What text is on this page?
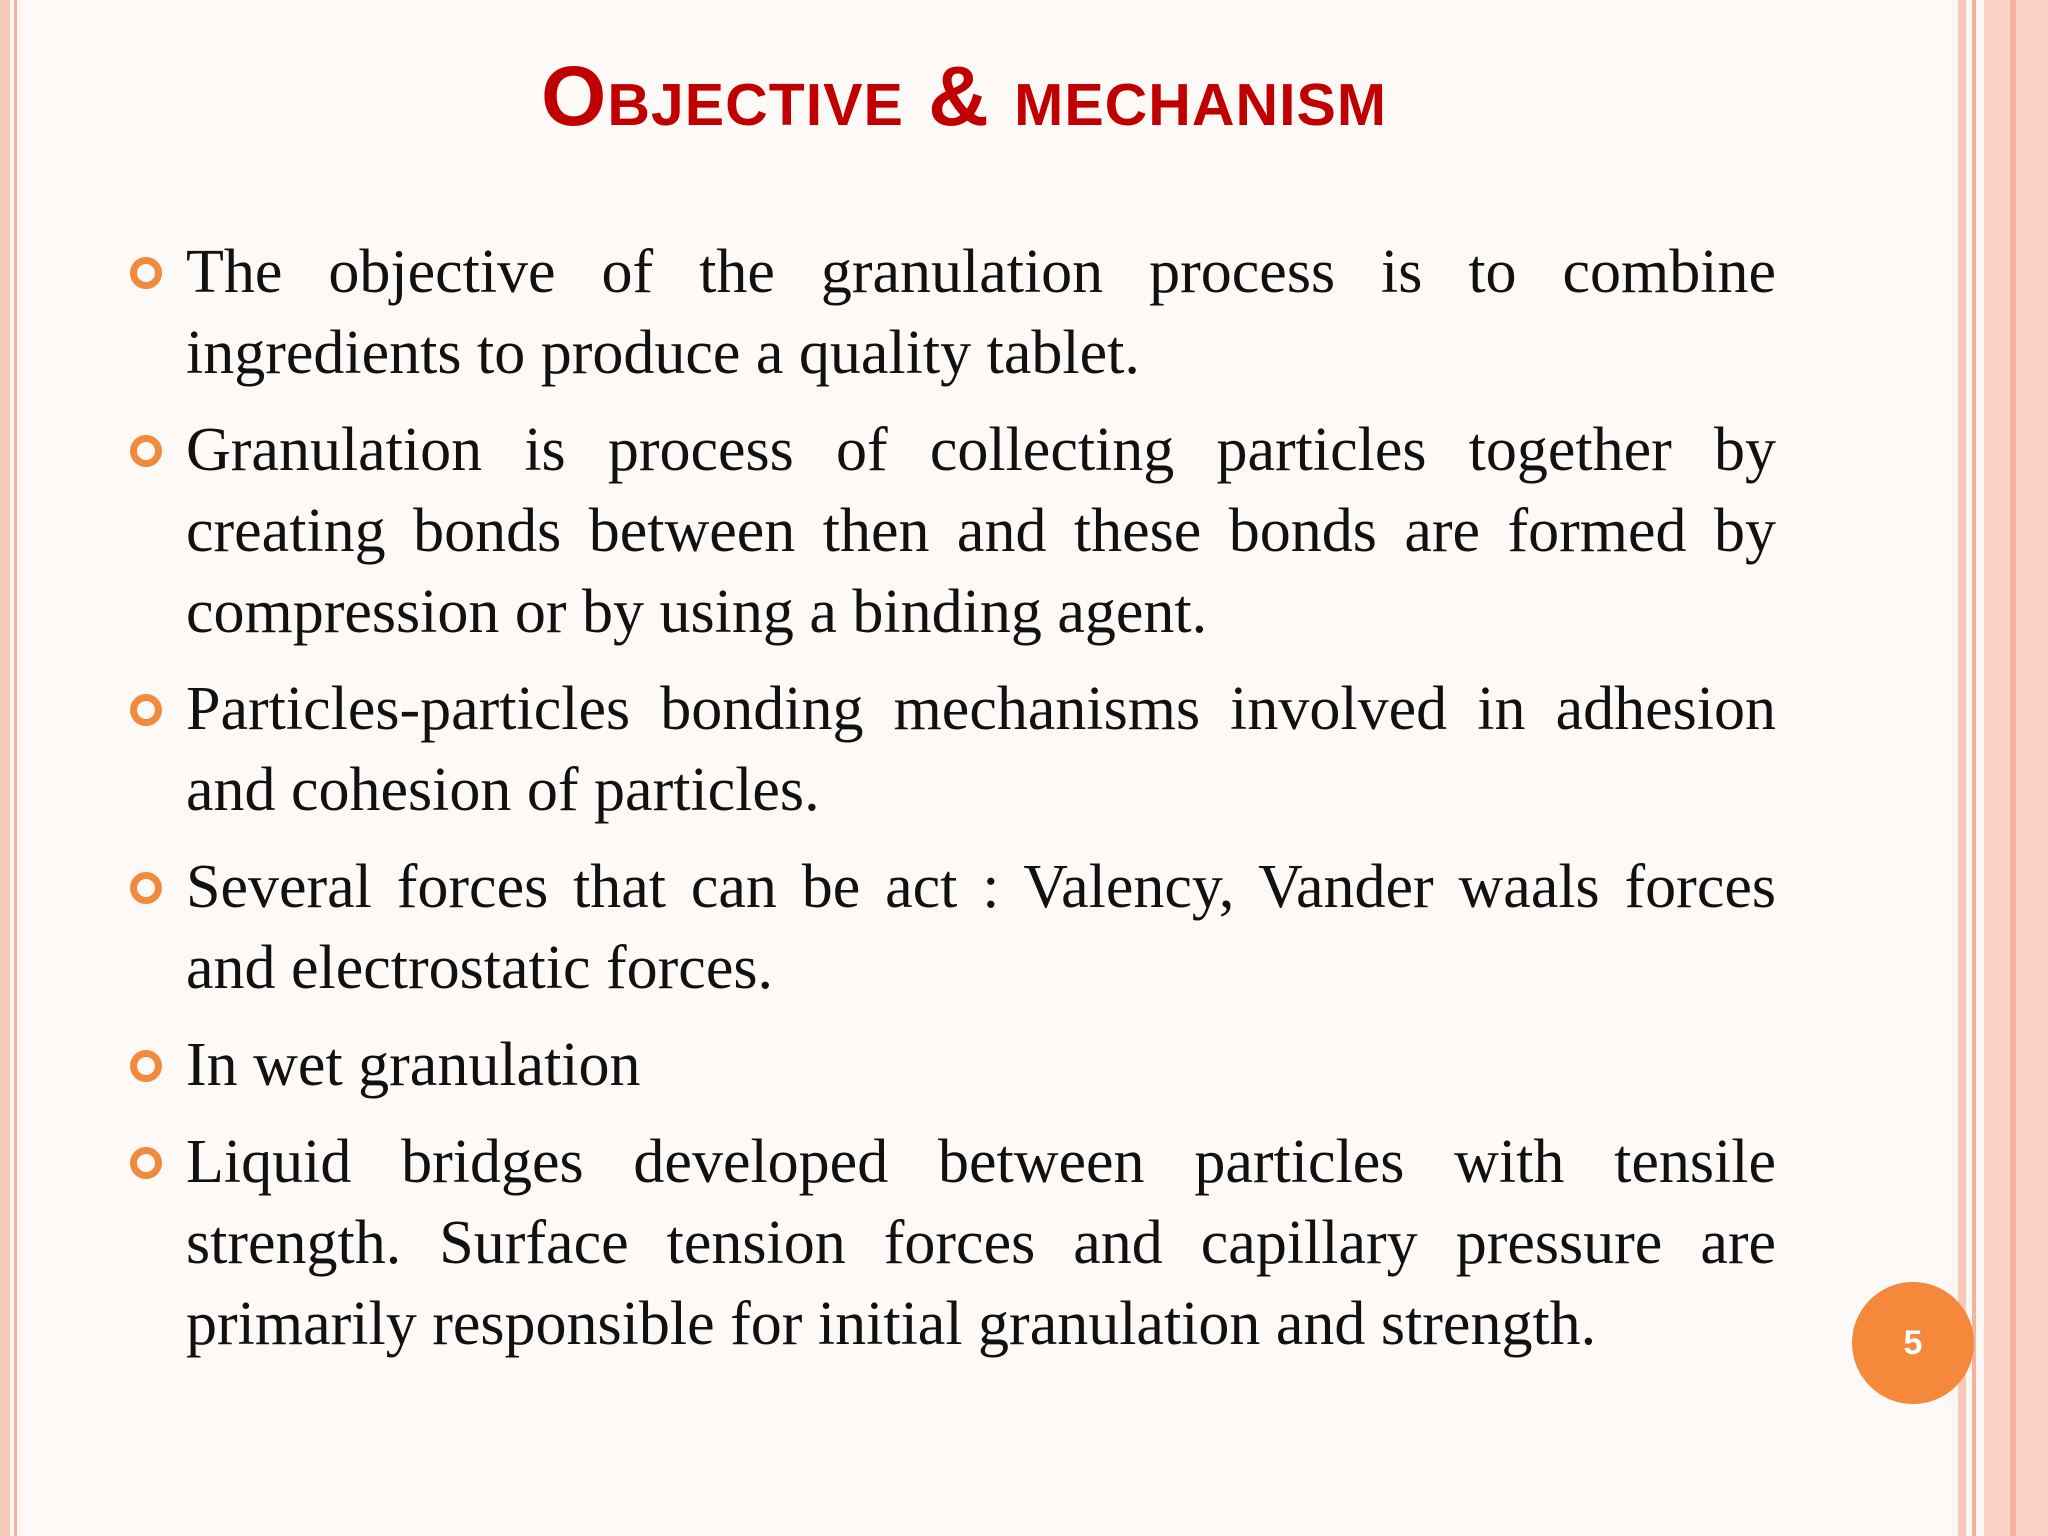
Objective & mechanism
The objective of the granulation process is to combine ingredients to produce a quality tablet.
Granulation is process of collecting particles together by creating bonds between then and these bonds are formed by compression or by using a binding agent.
Particles-particles bonding mechanisms involved in adhesion and cohesion of particles.
Several forces that can be act : Valency, Vander waals forces and electrostatic forces.
In wet granulation
Liquid bridges developed between particles with tensile strength. Surface tension forces and capillary pressure are primarily responsible for initial granulation and strength.	5
